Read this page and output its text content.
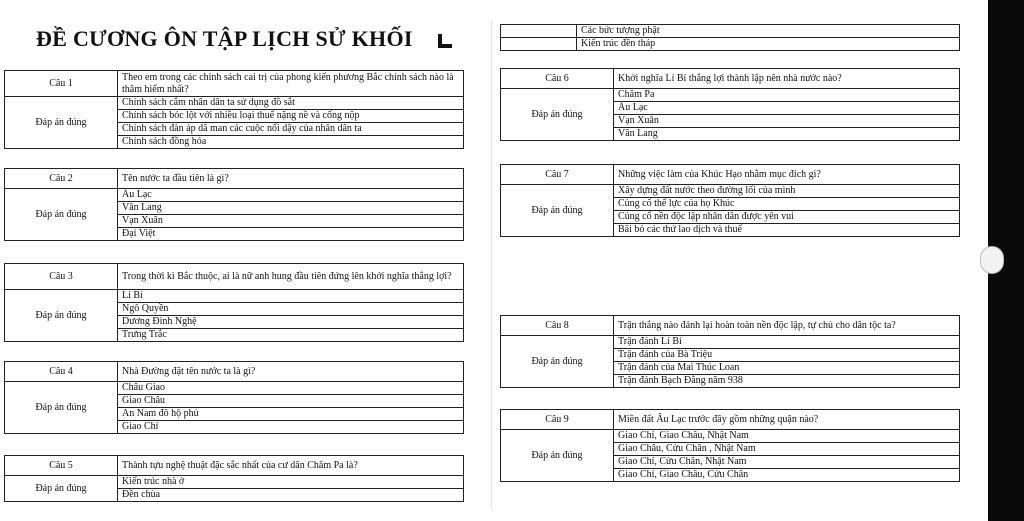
ĐỀ CƯƠNG ÔN TẬP LỊCH SỬ KHỐI
		Các bức tượng phật
	Kiến trúc đền tháp
Câu 1	Theo em trong các chính sách cai trị của phong kiến phương Bắc chính sách nào là thâm hiểm nhất?
Đáp án đúng	Chính sách cắm nhân dân ta sử dụng đồ sắt
	Chính sách bóc lột với nhiều loại thuế nặng nề và cống nộp
	Chính sách đàn áp dã man các cuộc nổi dậy của nhân dân ta
	Chính sách đồng hóa
Câu 2	Tên nước ta đầu tiên là gì?
Đáp án đúng	Âu Lạc
	Văn Lang
	Vạn Xuân
	Đại Việt
Câu 3	Trong thời kì Bắc thuộc, ai là nữ anh hung đầu tiên đứng lên khởi nghĩa thắng lợi?
Đáp án đúng	Lí Bí
	Ngô Quyền
	Dương Đình Nghệ
	Trưng Trắc
Câu 4	Nhà Đường đặt tên nước ta là gì?
Đáp án đúng	Châu Giao
	Giao Châu
	An Nam đô hộ phủ
	Giao Chỉ
Câu 5	Thành tựu nghệ thuật đặc sắc nhất của cư dân Chăm Pa là?
Đáp án đúng	Kiến trúc nhà ở
	Đền chùa
Câu 6	Khởi nghĩa Lí Bí thắng lợi thành lập nên nhà nước nào?
Đáp án đúng	Chăm Pa
	Âu Lạc
	Vạn Xuân
	Văn Lang
Câu 7	Những việc làm của Khúc Hạo nhằm mục đích gì?
Đáp án đúng	Xây dựng đất nước theo đường lối của mình
	Củng cố thế lực của họ Khúc
	Củng cố nền độc lập nhân dân được yên vui
	Bãi bỏ các thứ lao dịch và thuế
Câu 8	Trận thắng nào đánh lại hoàn toàn nền độc lập, tự chủ cho dân tộc ta?
Đáp án đúng	Trận đánh Lí Bí
	Trận đánh của Bà Triệu
	Trận đánh của Mai Thúc Loan
	Trận đánh Bạch Đằng năm 938
Câu 9	Miền đất Âu Lạc trước đây gồm những quận nào?
Đáp án đúng	Giao Chỉ, Giao Châu, Nhật Nam
	Giao Châu, Cửu Chân , Nhật Nam
	Giao Chỉ, Cửu Chân, Nhật Nam
	Giao Chỉ, Giao Châu, Cửu Chân
